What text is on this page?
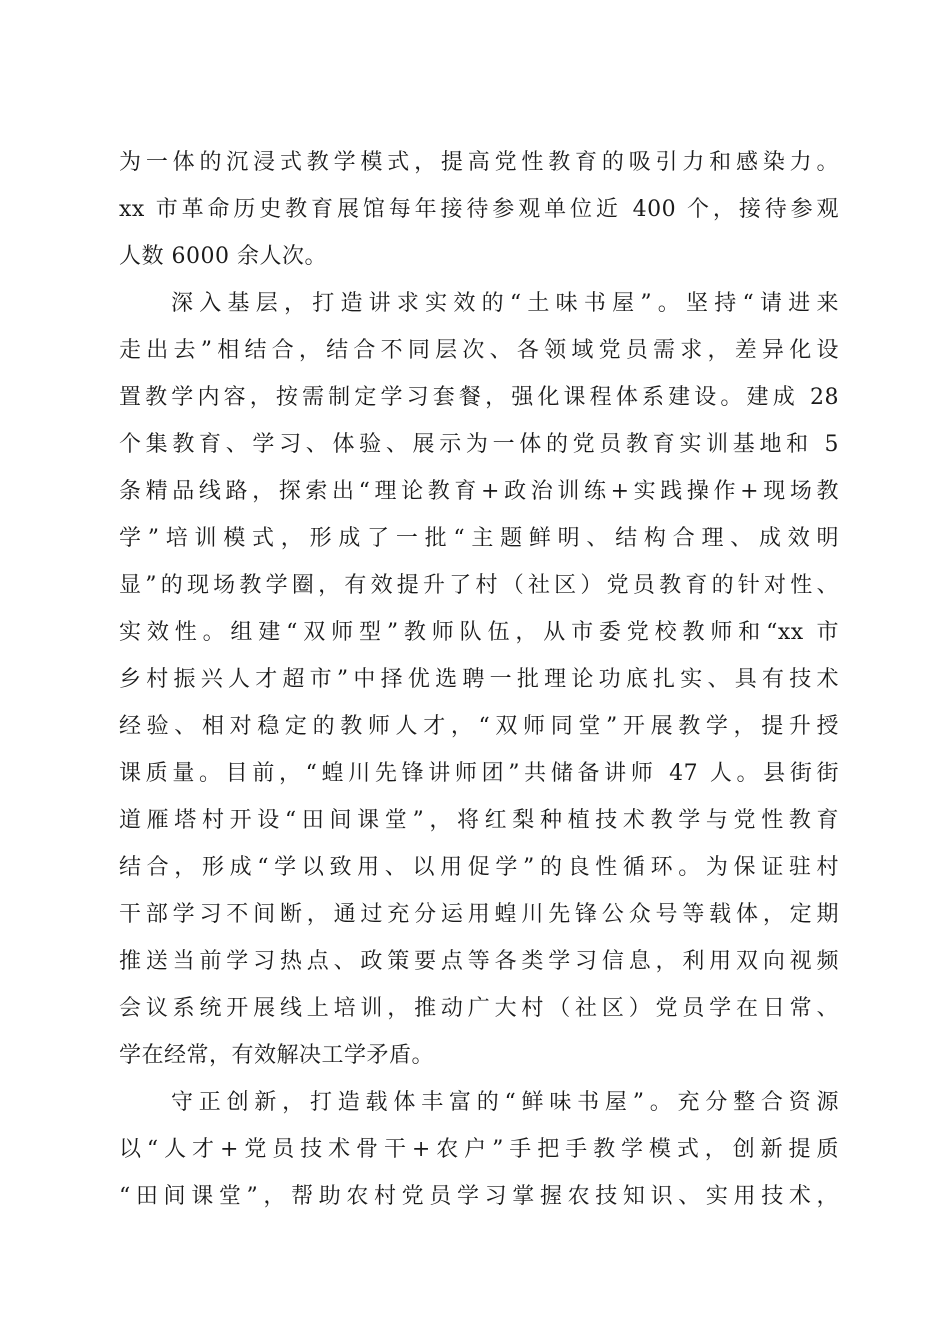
为一体的沉浸式教学模式，提高党性教育的吸引力和感染力。
xx 市革命历史教育展馆每年接待参观单位近 400 个，接待参观
人数 6000 余人次。
深入基层，打造讲求实效的“土味书屋”。坚持“请进来
走出去”相结合，结合不同层次、各领域党员需求，差异化设
置教学内容，按需制定学习套餐，强化课程体系建设。建成 28
个集教育、学习、体验、展示为一体的党员教育实训基地和 5
条精品线路，探索出“理论教育+政治训练+实践操作+现场教
学”培训模式，形成了一批“主题鲜明、结构合理、成效明
显”的现场教学圈，有效提升了村（社区）党员教育的针对性、
实效性。组建“双师型”教师队伍，从市委党校教师和“xx 市
乡村振兴人才超市”中择优选聘一批理论功底扎实、具有技术
经验、相对稳定的教师人才，“双师同堂”开展教学，提升授
课质量。目前，“蝗川先锋讲师团”共储备讲师 47 人。县街街
道雁塔村开设“田间课堂”，将红梨种植技术教学与党性教育
结合，形成“学以致用、以用促学”的良性循环。为保证驻村
干部学习不间断，通过充分运用蝗川先锋公众号等载体，定期
推送当前学习热点、政策要点等各类学习信息，利用双向视频
会议系统开展线上培训，推动广大村（社区）党员学在日常、
学在经常，有效解决工学矛盾。
守正创新，打造载体丰富的“鲜味书屋”。充分整合资源
以“人才+党员技术骨干+农户”手把手教学模式，创新提质
“田间课堂”，帮助农村党员学习掌握农技知识、实用技术，
